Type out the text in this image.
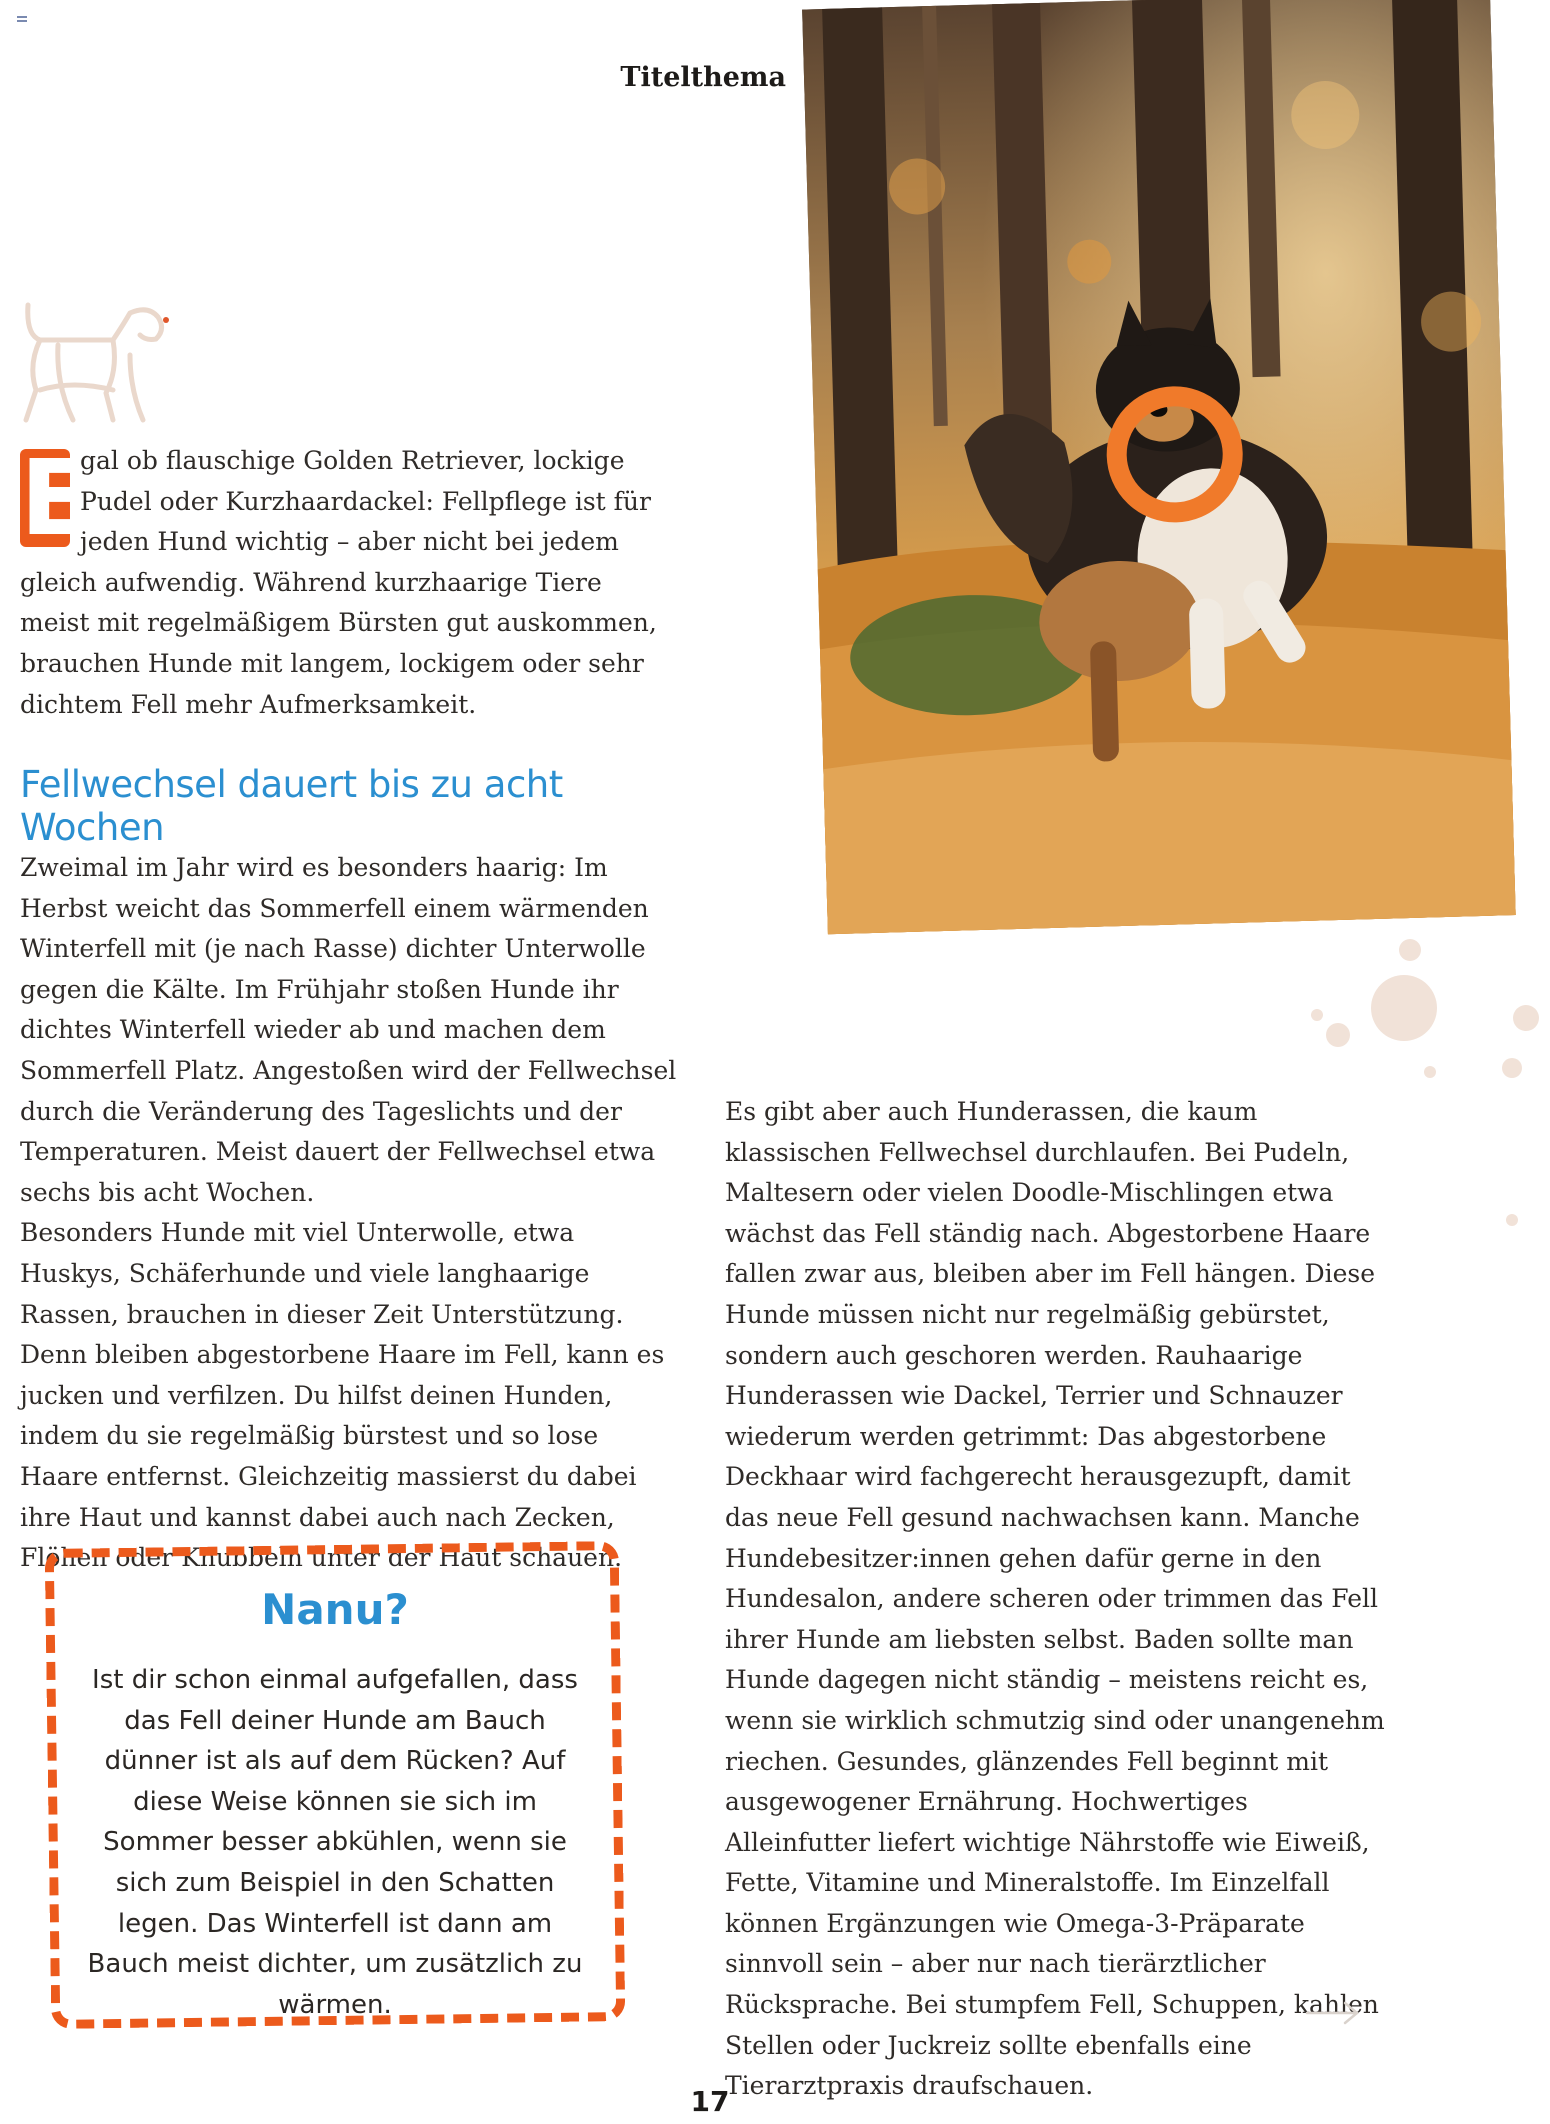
Titelthema
E
gal ob flauschige Golden Retriever, lockige Pudel oder Kurzhaardackel: Fellpflege ist für jeden Hund wichtig – aber nicht bei jedem gleich aufwendig. Während kurzhaarige Tiere meist mit regelmäßigem Bürsten gut auskommen, brauchen Hunde mit langem, lockigem oder sehr dichtem Fell mehr Aufmerksamkeit.
Fellwechsel dauert bis zu acht Wochen

Zweimal im Jahr wird es besonders haarig: Im Herbst weicht das Sommerfell einem wärmenden Winterfell mit (je nach Rasse) dichter Unterwolle gegen die Kälte. Im Frühjahr stoßen Hunde ihr dichtes Winterfell wieder ab und machen dem Sommerfell Platz. Angestoßen wird der Fellwechsel durch die Veränderung des Tageslichts und der Temperaturen. Meist dauert der Fellwechsel etwa sechs bis acht Wochen.

Besonders Hunde mit viel Unterwolle, etwa Huskys, Schäferhunde und viele langhaarige Rassen, brauchen in dieser Zeit Unterstützung. Denn bleiben abgestorbene Haare im Fell, kann es jucken und verfilzen. Du hilfst deinen Hunden, indem du sie regelmäßig bürstest und so lose Haare entfernst. Gleichzeitig massierst du dabei ihre Haut und kannst dabei auch nach Zecken, Flöhen oder Knubbeln unter der Haut schauen.

Es gibt aber auch Hunderassen, die kaum klassischen Fellwechsel durchlaufen. Bei Pudeln, Maltesern oder vielen Doodle-Mischlingen etwa wächst das Fell ständig nach. Abgestorbene Haare fallen zwar aus, bleiben aber im Fell hängen. Diese Hunde müssen nicht nur regelmäßig gebürstet, sondern auch geschoren werden. Rauhaarige Hunderassen wie Dackel, Terrier und Schnauzer wiederum werden getrimmt: Das abgestorbene Deckhaar wird fachgerecht herausgezupft, damit das neue Fell gesund nachwachsen kann. Manche Hundebesitzer:innen gehen dafür gerne in den Hundesalon, andere scheren oder trimmen das Fell ihrer Hunde am liebsten selbst. Baden sollte man Hunde dagegen nicht ständig – meistens reicht es, wenn sie wirklich schmutzig sind oder unangenehm riechen. Gesundes, glänzendes Fell beginnt mit ausgewogener Ernährung. Hochwertiges Alleinfutter liefert wichtige Nährstoffe wie Eiweiß, Fette, Vitamine und Mineralstoffe. Im Einzelfall können Ergänzungen wie Omega-3-Präparate sinnvoll sein – aber nur nach tierärztlicher Rücksprache. Bei stumpfem Fell, Schuppen, kahlen Stellen oder Juckreiz sollte ebenfalls eine Tierarztpraxis draufschauen.

Nanu?
Ist dir schon einmal aufgefallen, dass das Fell deiner Hunde am Bauch dünner ist als auf dem Rücken? Auf diese Weise können sie sich im Sommer besser abkühlen, wenn sie sich zum Beispiel in den Schatten legen. Das Winterfell ist dann am Bauch meist dichter, um zusätzlich zu wärmen.
17
